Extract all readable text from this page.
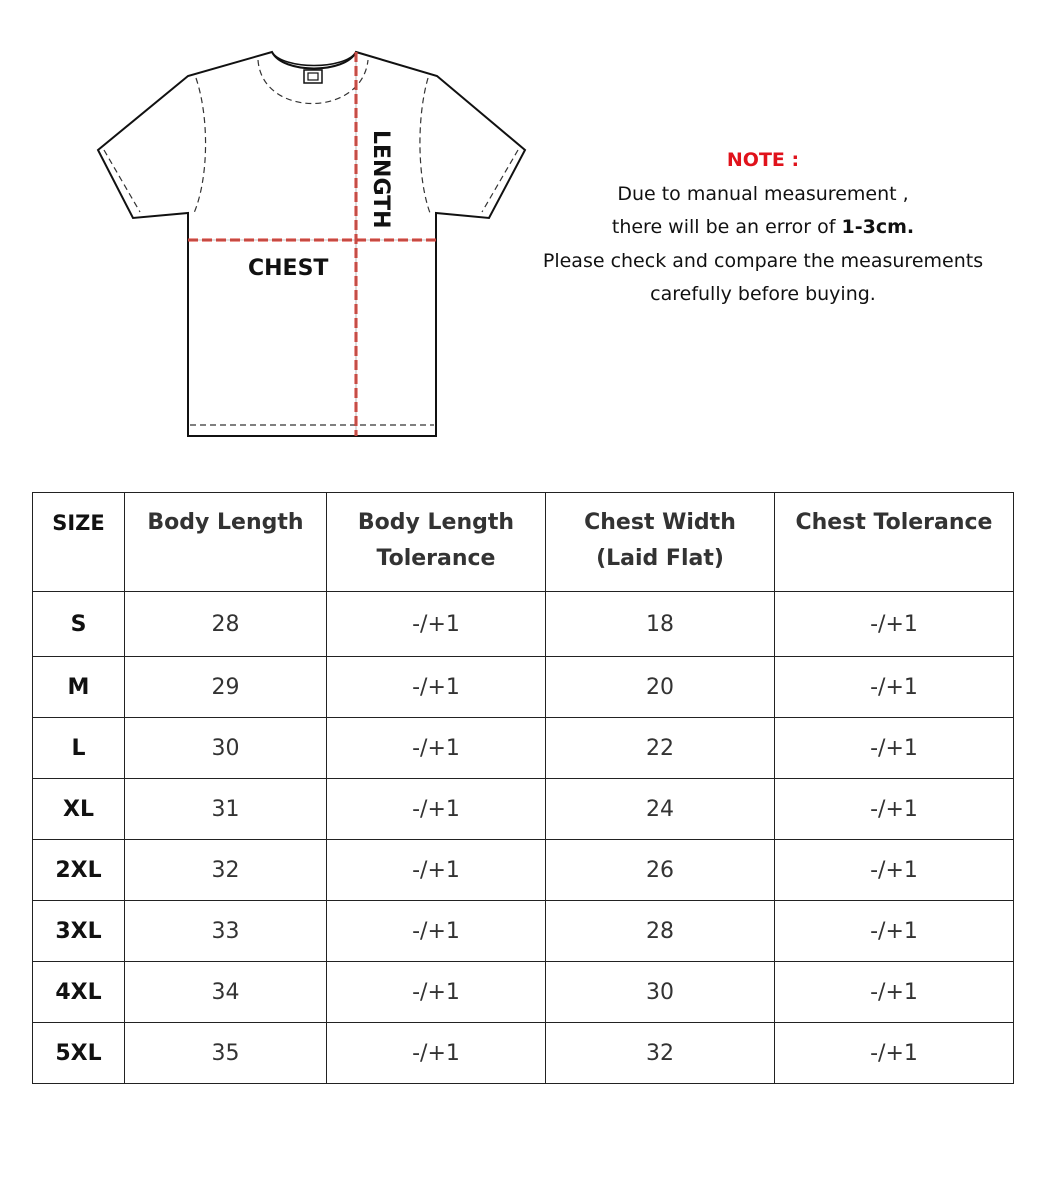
CHEST
LENGTH	NOTE :
Due to manual measurement ,
there will be an error of 1-3cm.
Please check and compare the measurements
carefully before buying.
SIZE	Body Length	Body Length Tolerance	Chest Width (Laid Flat)	Chest Tolerance
S	28	-/+1	18	-/+1
M	29	-/+1	20	-/+1
L	30	-/+1	22	-/+1
XL	31	-/+1	24	-/+1
2XL	32	-/+1	26	-/+1
3XL	33	-/+1	28	-/+1
4XL	34	-/+1	30	-/+1
5XL	35	-/+1	32	-/+1
